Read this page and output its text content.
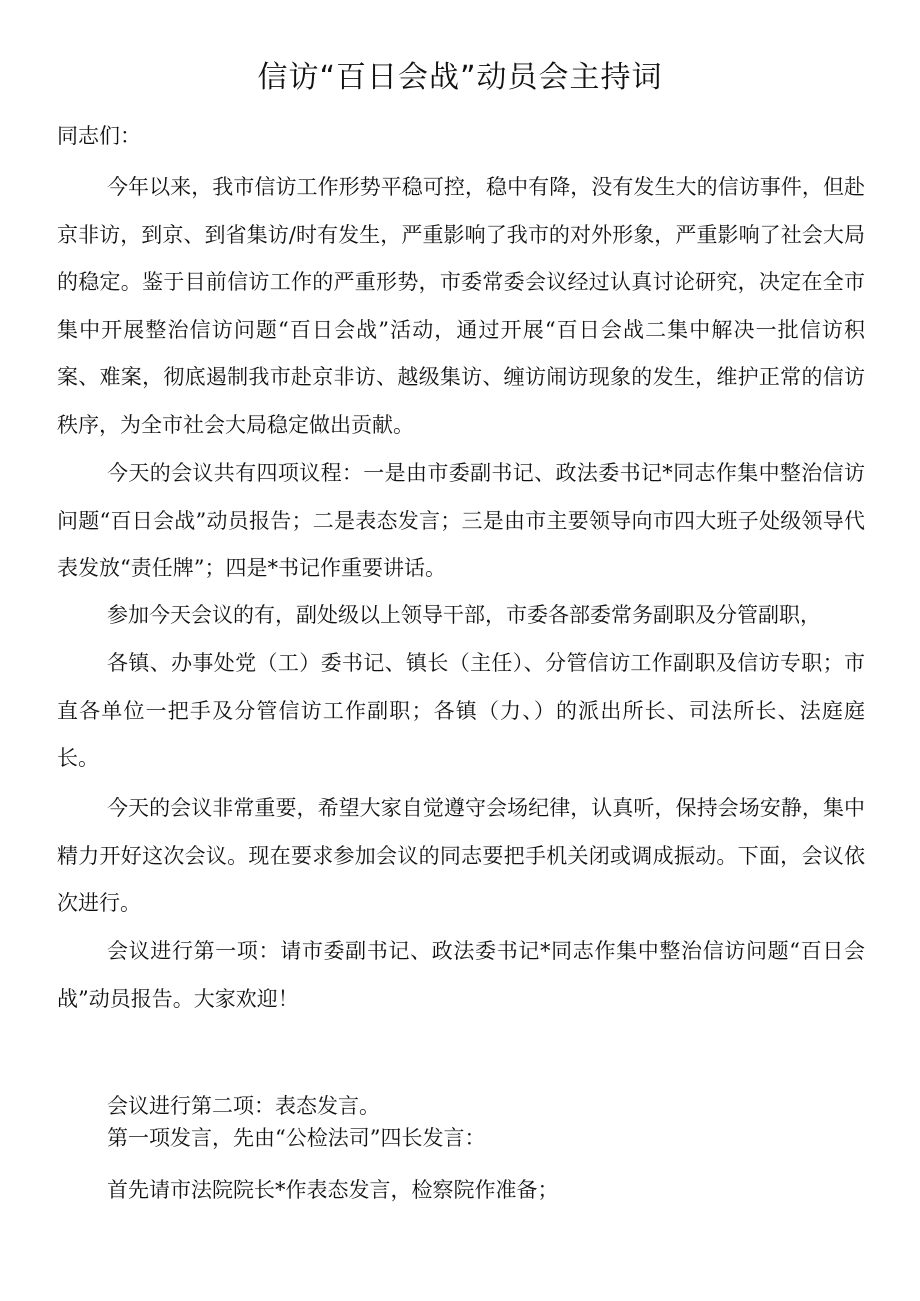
信访“百日会战”动员会主持词

同志们：

今年以来，我市信访工作形势平稳可控，稳中有降，没有发生大的信访事件，但赴京非访，到京、到省集访/时有发生，严重影响了我市的对外形象，严重影响了社会大局的稳定。鉴于目前信访工作的严重形势，市委常委会议经过认真讨论研究，决定在全市集中开展整治信访问题“百日会战”活动，通过开展“百日会战二集中解决一批信访积案、难案，彻底遏制我市赴京非访、越级集访、缠访闹访现象的发生，维护正常的信访秩序，为全市社会大局稳定做出贡献。

今天的会议共有四项议程：一是由市委副书记、政法委书记*同志作集中整治信访问题“百日会战”动员报告；二是表态发言；三是由市主要领导向市四大班子处级领导代表发放“责任牌”；四是*书记作重要讲话。

参加今天会议的有，副处级以上领导干部，市委各部委常务副职及分管副职，

各镇、办事处党（工）委书记、镇长（主任）、分管信访工作副职及信访专职；市直各单位一把手及分管信访工作副职；各镇（力、）的派出所长、司法所长、法庭庭长。

今天的会议非常重要，希望大家自觉遵守会场纪律，认真听，保持会场安静，集中精力开好这次会议。现在要求参加会议的同志要把手机关闭或调成振动。下面，会议依次进行。

会议进行第一项：请市委副书记、政法委书记*同志作集中整治信访问题“百日会战”动员报告。大家欢迎！

会议进行第二项：表态发言。

第一项发言，先由“公检法司”四长发言：

首先请市法院院长*作表态发言，检察院作准备；
